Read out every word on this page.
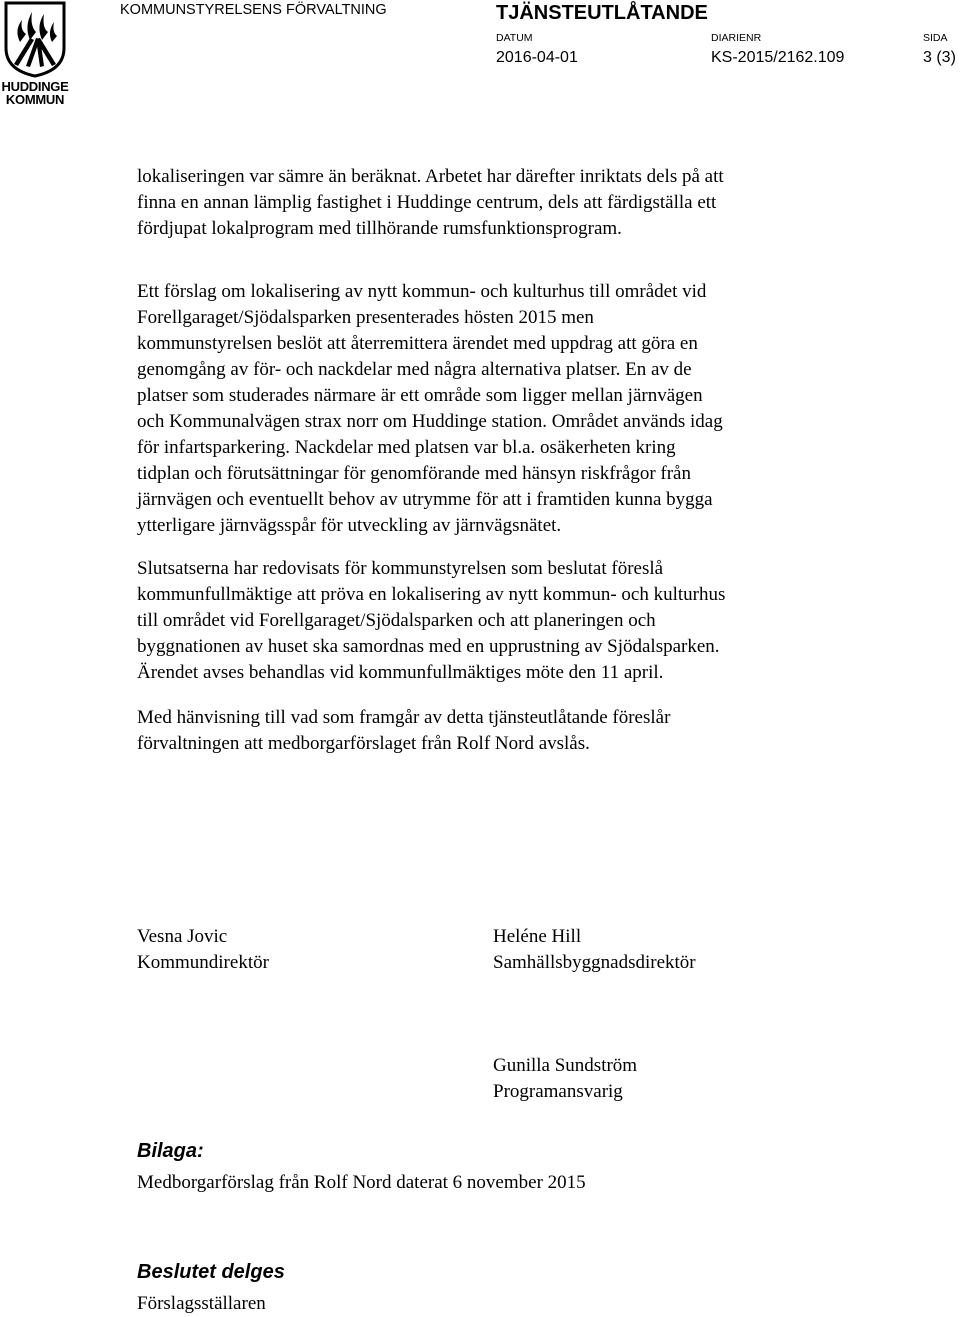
HUDDINGE
KOMMUN
KOMMUNSTYRELSENS FÖRVALTNING	TJÄNSTEUTLÅTANDE
DATUM
2016-04-01
DIARIENR
KS-2015/2162.109
SIDA
3 (3)

lokaliseringen var sämre än beräknat. Arbetet har därefter inriktats dels på att
finna en annan lämplig fastighet i Huddinge centrum, dels att färdigställa ett
fördjupat lokalprogram med tillhörande rumsfunktionsprogram.

Ett förslag om lokalisering av nytt kommun- och kulturhus till området vid
Forellgaraget/Sjödalsparken presenterades hösten 2015 men
kommunstyrelsen beslöt att återremittera ärendet med uppdrag att göra en
genomgång av för- och nackdelar med några alternativa platser. En av de
platser som studerades närmare är ett område som ligger mellan järnvägen
och Kommunalvägen strax norr om Huddinge station. Området används idag
för infartsparkering. Nackdelar med platsen var bl.a. osäkerheten kring
tidplan och förutsättningar för genomförande med hänsyn riskfrågor från
järnvägen och eventuellt behov av utrymme för att i framtiden kunna bygga
ytterligare järnvägsspår för utveckling av järnvägsnätet.

Slutsatserna har redovisats för kommunstyrelsen som beslutat föreslå
kommunfullmäktige att pröva en lokalisering av nytt kommun- och kulturhus
till området vid Forellgaraget/Sjödalsparken och att planeringen och
byggnationen av huset ska samordnas med en upprustning av Sjödalsparken.
Ärendet avses behandlas vid kommunfullmäktiges möte den 11 april.

Med hänvisning till vad som framgår av detta tjänsteutlåtande föreslår
förvaltningen att medborgarförslaget från Rolf Nord avslås.

Vesna Jovic
Kommundirektör
Heléne Hill
Samhällsbyggnadsdirektör
Gunilla Sundström
Programansvarig
Bilaga:
Medborgarförslag från Rolf Nord daterat 6 november 2015
Beslutet delges
Förslagsställaren
